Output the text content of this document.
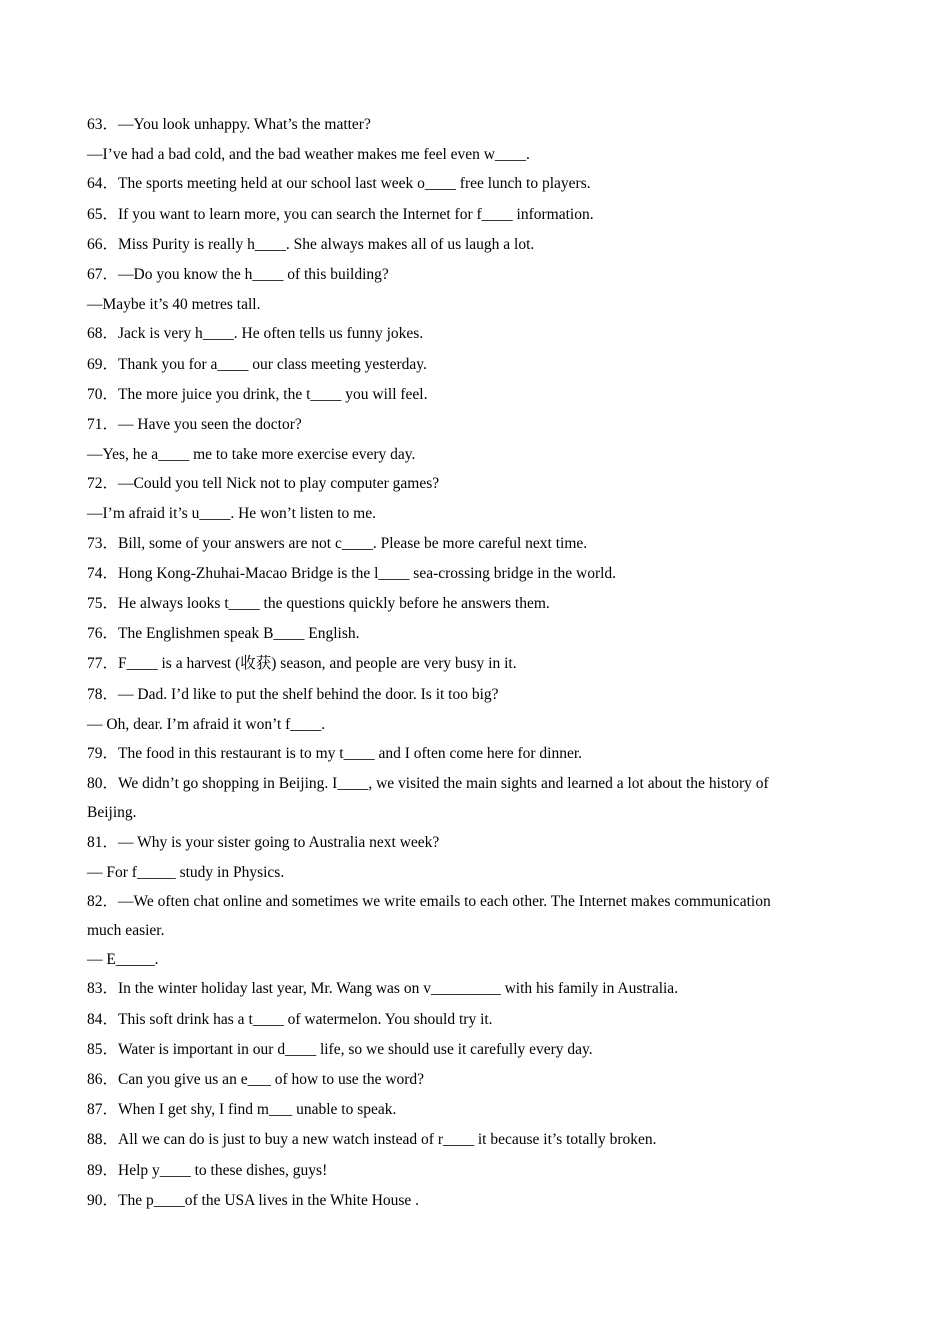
63．—You look unhappy. What’s the matter?
—I’ve had a bad cold, and the bad weather makes me feel even w____.
64．The sports meeting held at our school last week o____ free lunch to players.
65．If you want to learn more, you can search the Internet for f____ information.
66．Miss Purity is really h____. She always makes all of us laugh a lot.
67．—Do you know the h____ of this building?
—Maybe it’s 40 metres tall.
68．Jack is very h____. He often tells us funny jokes.
69．Thank you for a____ our class meeting yesterday.
70．The more juice you drink, the t____ you will feel.
71．— Have you seen the doctor?
—Yes, he a____ me to take more exercise every day.
72．—Could you tell Nick not to play computer games?
—I’m afraid it’s u____. He won’t listen to me.
73．Bill, some of your answers are not c____. Please be more careful next time.
74．Hong Kong-Zhuhai-Macao Bridge is the l____ sea-crossing bridge in the world.
75．He always looks t____ the questions quickly before he answers them.
76．The Englishmen speak B____ English.
77．F____ is a harvest (收获) season, and people are very busy in it.
78．— Dad. I’d like to put the shelf behind the door. Is it too big?
— Oh, dear. I’m afraid it won’t f____.
79．The food in this restaurant is to my t____ and I often come here for dinner.
80．We didn’t go shopping in Beijing. I____, we visited the main sights and learned a lot about the history of
Beijing.
81．— Why is your sister going to Australia next week?
— For f_____ study in Physics.
82．—We often chat online and sometimes we write emails to each other. The Internet makes communication
much easier.
— E_____.
83．In the winter holiday last year, Mr. Wang was on v_________ with his family in Australia.
84．This soft drink has a t____ of watermelon. You should try it.
85．Water is important in our d____ life, so we should use it carefully every day.
86．Can you give us an e___ of how to use the word?
87．When I get shy, I find m___ unable to speak.
88．All we can do is just to buy a new watch instead of r____ it because it’s totally broken.
89．Help y____ to these dishes, guys!
90．The p____of the USA lives in the White House .
